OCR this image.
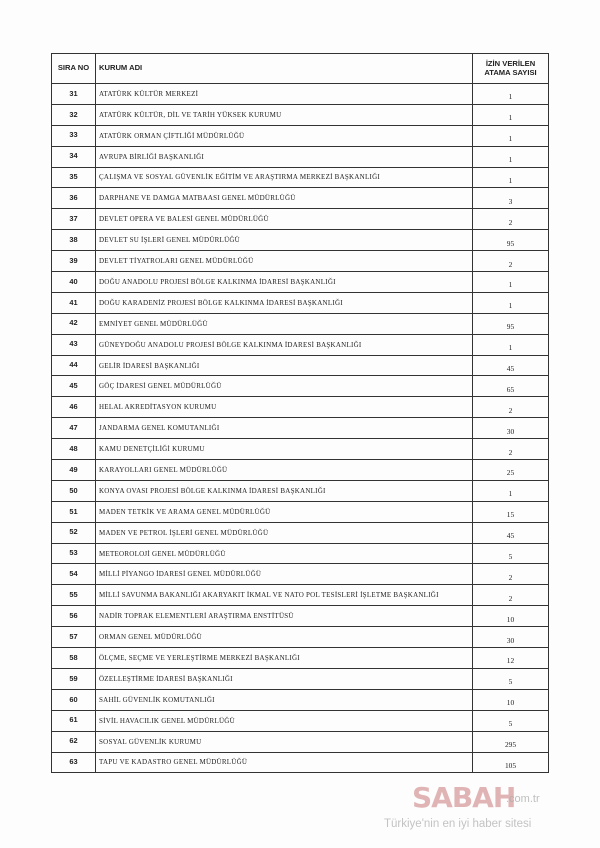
SIRA NO	KURUM ADI	İZİN VERİLEN
ATAMA SAYISI

31	ATATÜRK KÜLTÜR MERKEZİ	1
32	ATATÜRK KÜLTÜR, DİL VE TARİH YÜKSEK KURUMU	1
33	ATATÜRK ORMAN ÇİFTLİĞİ MÜDÜRLÜĞÜ	1
34	AVRUPA BİRLİĞİ BAŞKANLIĞI	1
35	ÇALIŞMA VE SOSYAL GÜVENLİK EĞİTİM VE ARAŞTIRMA MERKEZİ BAŞKANLIĞI	1
36	DARPHANE VE DAMGA MATBAASI GENEL MÜDÜRLÜĞÜ	3
37	DEVLET OPERA VE BALESİ GENEL MÜDÜRLÜĞÜ	2
38	DEVLET SU İŞLERİ GENEL MÜDÜRLÜĞÜ	95
39	DEVLET TİYATROLARI GENEL MÜDÜRLÜĞÜ	2
40	DOĞU ANADOLU PROJESİ BÖLGE KALKINMA İDARESİ BAŞKANLIĞI	1
41	DOĞU KARADENİZ PROJESİ BÖLGE KALKINMA İDARESİ BAŞKANLIĞI	1
42	EMNİYET GENEL MÜDÜRLÜĞÜ	95
43	GÜNEYDOĞU ANADOLU PROJESİ BÖLGE KALKINMA İDARESİ BAŞKANLIĞI	1
44	GELİR İDARESİ BAŞKANLIĞI	45
45	GÖÇ İDARESİ GENEL MÜDÜRLÜĞÜ	65
46	HELAL AKREDİTASYON KURUMU	2
47	JANDARMA GENEL KOMUTANLIĞI	30
48	KAMU DENETÇİLİĞİ KURUMU	2
49	KARAYOLLARI GENEL MÜDÜRLÜĞÜ	25
50	KONYA OVASI PROJESİ BÖLGE KALKINMA İDARESİ BAŞKANLIĞI	1
51	MADEN TETKİK VE ARAMA GENEL MÜDÜRLÜĞÜ	15
52	MADEN VE PETROL İŞLERİ GENEL MÜDÜRLÜĞÜ	45
53	METEOROLOJİ GENEL MÜDÜRLÜĞÜ	5
54	MİLLİ PİYANGO İDARESİ GENEL MÜDÜRLÜĞÜ	2
55	MİLLİ SAVUNMA BAKANLIĞI AKARYAKIT İKMAL VE NATO POL TESİSLERİ İŞLETME BAŞKANLIĞI	2
56	NADİR TOPRAK ELEMENTLERİ ARAŞTIRMA ENSTİTÜSÜ	10
57	ORMAN GENEL MÜDÜRLÜĞÜ	30
58	ÖLÇME, SEÇME VE YERLEŞTİRME MERKEZİ BAŞKANLIĞI	12
59	ÖZELLEŞTİRME İDARESİ BAŞKANLIĞI	5
60	SAHİL GÜVENLİK KOMUTANLIĞI	10
61	SİVİL HAVACILIK GENEL MÜDÜRLÜĞÜ	5
62	SOSYAL GÜVENLİK KURUMU	295
63	TAPU VE KADASTRO GENEL MÜDÜRLÜĞÜ	105
SABAH
.com.tr
Türkiye'nin en iyi haber sitesi
